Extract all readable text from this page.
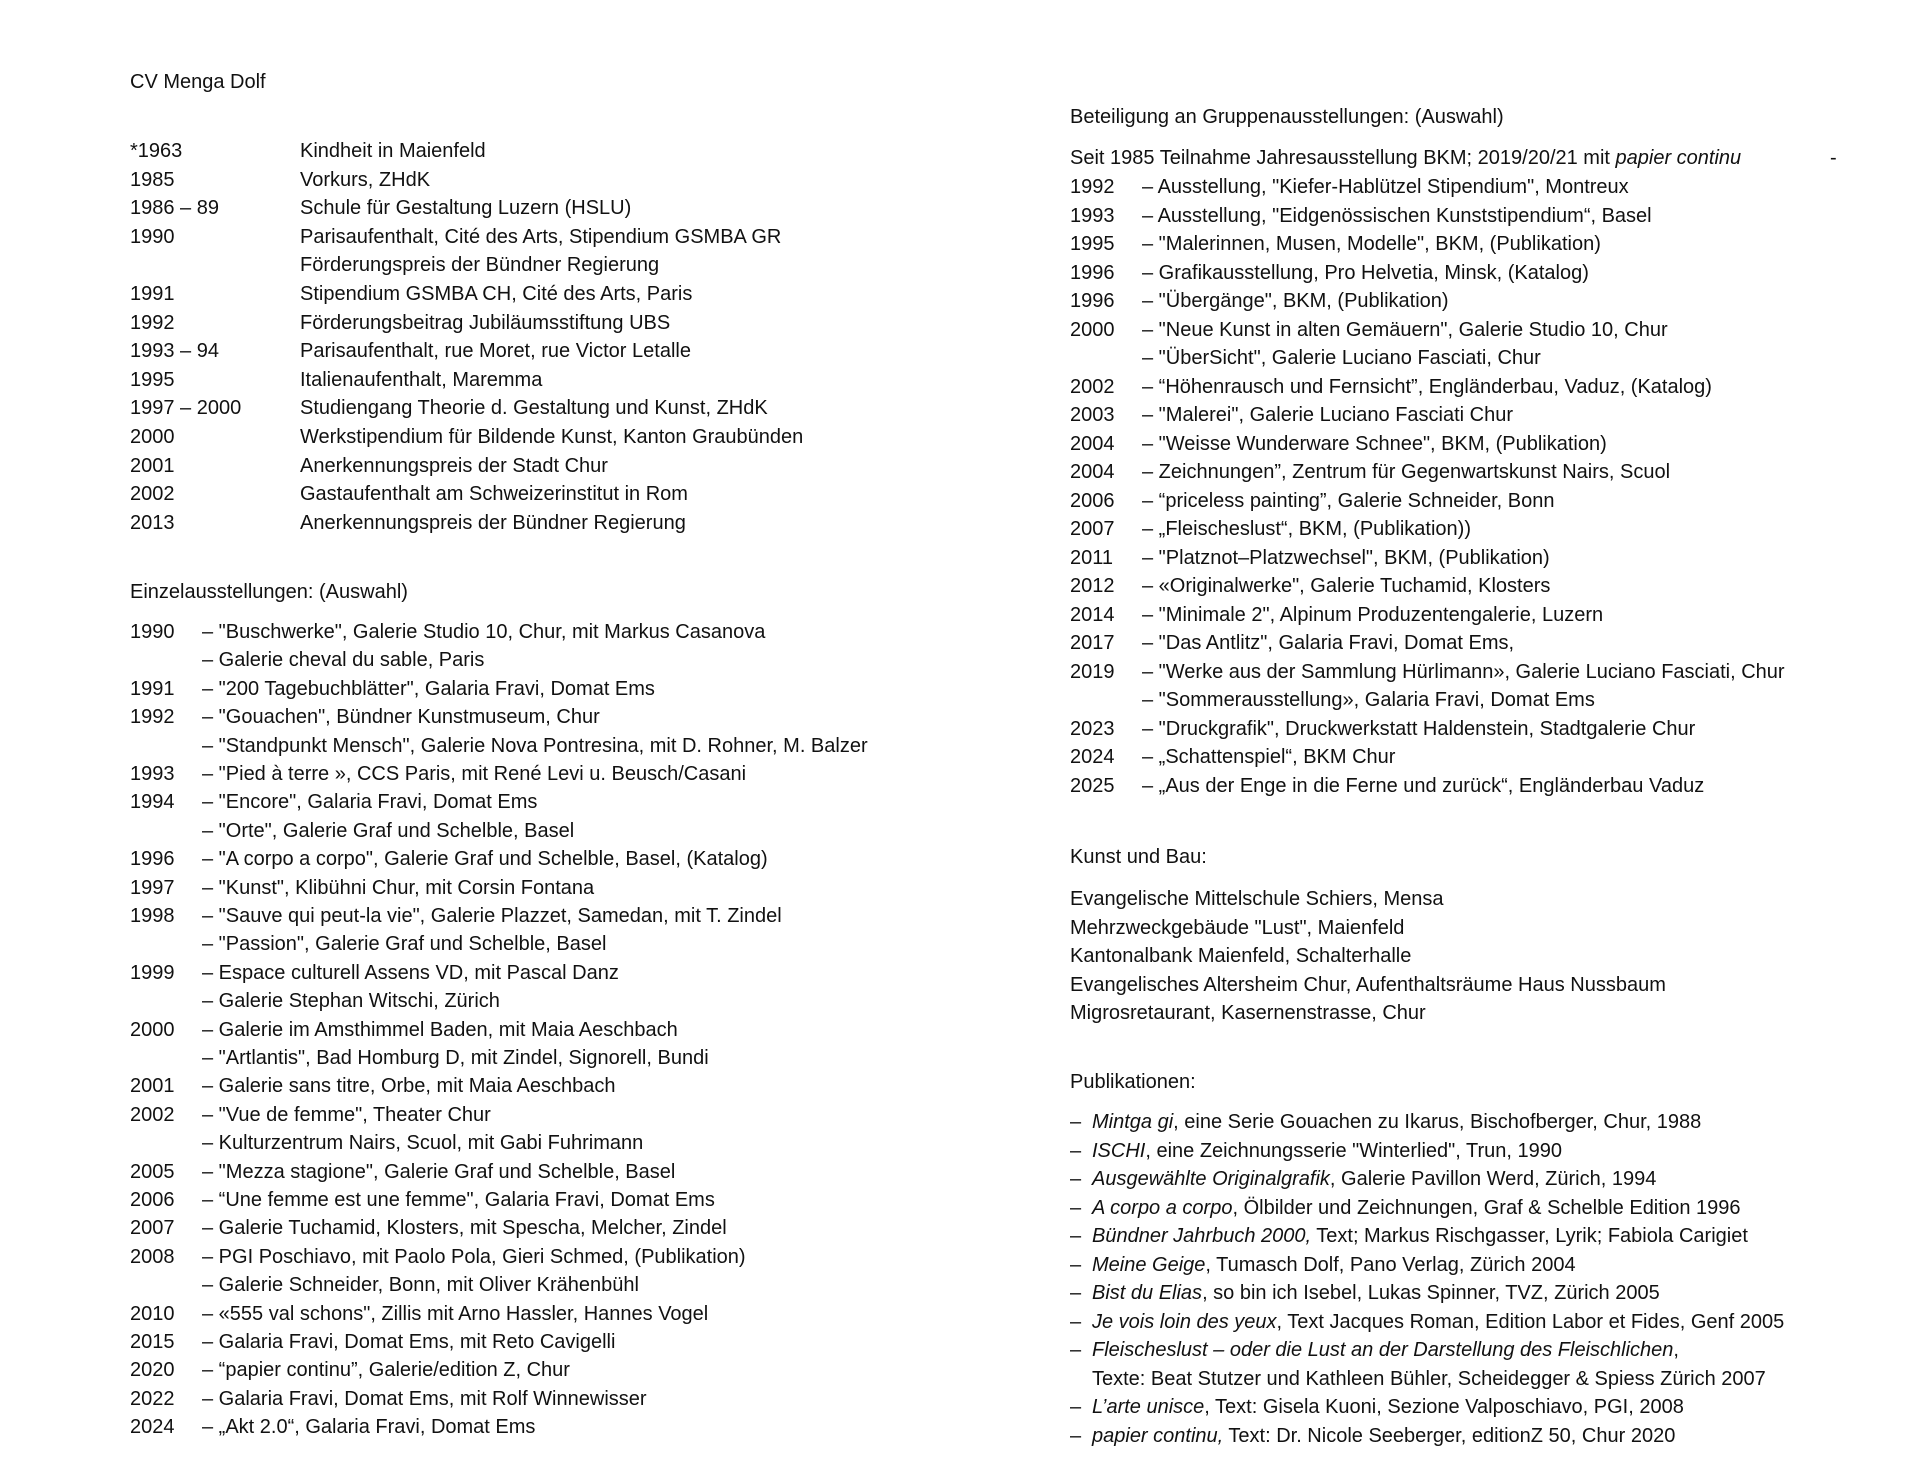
CV Menga Dolf
*1963	Kindheit in Maienfeld
1985	Vorkurs, ZHdK
1986 – 89	Schule für Gestaltung Luzern (HSLU)
1990	Parisaufenthalt, Cité des Arts, Stipendium GSMBA GR
Förderungspreis der Bündner Regierung
1991	Stipendium GSMBA CH, Cité des Arts, Paris
1992	Förderungsbeitrag Jubiläumsstiftung UBS
1993 – 94	Parisaufenthalt, rue Moret, rue Victor Letalle
1995	Italienaufenthalt, Maremma
1997 – 2000	Studiengang Theorie d. Gestaltung und Kunst, ZHdK
2000	Werkstipendium für Bildende Kunst, Kanton Graubünden
2001	Anerkennungspreis der Stadt Chur
2002	Gastaufenthalt am Schweizerinstitut in Rom
2013	Anerkennungspreis der Bündner Regierung
Einzelausstellungen: (Auswahl)
1990 – "Buschwerke", Galerie Studio 10, Chur, mit Markus Casanova
– Galerie cheval du sable, Paris
1991 – "200 Tagebuchblätter", Galaria Fravi, Domat Ems
1992 – "Gouachen", Bündner Kunstmuseum, Chur
– "Standpunkt Mensch", Galerie Nova Pontresina, mit D. Rohner, M. Balzer
1993 – "Pied à terre », CCS Paris, mit René Levi u. Beusch/Casani
1994 – "Encore", Galaria Fravi, Domat Ems
– "Orte", Galerie Graf und Schelble, Basel
1996 – "A corpo a corpo", Galerie Graf und Schelble, Basel, (Katalog)
1997 – "Kunst", Klibühni Chur, mit Corsin Fontana
1998 – "Sauve qui peut-la vie", Galerie Plazzet, Samedan, mit T. Zindel
– "Passion", Galerie Graf und Schelble, Basel
1999 – Espace culturell Assens VD, mit Pascal Danz
– Galerie Stephan Witschi, Zürich
2000 – Galerie im Amsthimmel Baden, mit Maia Aeschbach
– "Artlantis", Bad Homburg D, mit Zindel, Signorell, Bundi
2001 – Galerie sans titre, Orbe, mit Maia Aeschbach
2002 – "Vue de femme", Theater Chur
– Kulturzentrum Nairs, Scuol, mit Gabi Fuhrimann
2005 – "Mezza stagione", Galerie Graf und Schelble, Basel
2006 – “Une femme est une femme", Galaria Fravi, Domat Ems
2007 – Galerie Tuchamid, Klosters, mit Spescha, Melcher, Zindel
2008 – PGI Poschiavo, mit Paolo Pola, Gieri Schmed, (Publikation)
– Galerie Schneider, Bonn, mit Oliver Krähenbühl
2010 – «555 val schons", Zillis mit Arno Hassler, Hannes Vogel
2015 – Galaria Fravi, Domat Ems, mit Reto Cavigelli
2020 – “papier continu”, Galerie/edition Z, Chur
2022 – Galaria Fravi, Domat Ems, mit Rolf Winnewisser
2024 – „Akt 2.0“, Galaria Fravi, Domat Ems
Beteiligung an Gruppenausstellungen: (Auswahl)
Seit 1985 Teilnahme Jahresausstellung BKM; 2019/20/21 mit papier continu	-
1992 – Ausstellung, "Kiefer-Hablützel Stipendium", Montreux
1993 – Ausstellung, "Eidgenössischen Kunststipendium“, Basel
1995 – "Malerinnen, Musen, Modelle", BKM, (Publikation)
1996 – Grafikausstellung, Pro Helvetia, Minsk, (Katalog)
1996 – "Übergänge", BKM, (Publikation)
2000 – "Neue Kunst in alten Gemäuern", Galerie Studio 10, Chur
– "ÜberSicht", Galerie Luciano Fasciati, Chur
2002 – “Höhenrausch und Fernsicht”, Engländerbau, Vaduz, (Katalog)
2003 – "Malerei", Galerie Luciano Fasciati Chur
2004 – "Weisse Wunderware Schnee", BKM, (Publikation)
2004 – Zeichnungen”, Zentrum für Gegenwartskunst Nairs, Scuol
2006 – “priceless painting”, Galerie Schneider, Bonn
2007 – „Fleischeslust“, BKM, (Publikation))
2011 – "Platznot–Platzwechsel", BKM, (Publikation)
2012 – «Originalwerke", Galerie Tuchamid, Klosters
2014 – "Minimale 2", Alpinum Produzentengalerie, Luzern
2017 – "Das Antlitz", Galaria Fravi, Domat Ems,
2019 – "Werke aus der Sammlung Hürlimann», Galerie Luciano Fasciati, Chur
– "Sommerausstellung», Galaria Fravi, Domat Ems
2023 – "Druckgrafik", Druckwerkstatt Haldenstein, Stadtgalerie Chur
2024 – „Schattenspiel“, BKM Chur
2025 – „Aus der Enge in die Ferne und zurück“, Engländerbau Vaduz
Kunst und Bau:
Evangelische Mittelschule Schiers, Mensa
Mehrzweckgebäude "Lust", Maienfeld
Kantonalbank Maienfeld, Schalterhalle
Evangelisches Altersheim Chur, Aufenthaltsräume Haus Nussbaum
Migrosretaurant, Kasernenstrasse, Chur
Publikationen:
– Mintga gi, eine Serie Gouachen zu Ikarus, Bischofberger, Chur, 1988
– ISCHI, eine Zeichnungsserie "Winterlied", Trun, 1990
– Ausgewählte Originalgrafik, Galerie Pavillon Werd, Zürich, 1994
– A corpo a corpo, Ölbilder und Zeichnungen, Graf & Schelble Edition 1996
– Bündner Jahrbuch 2000, Text; Markus Rischgasser, Lyrik; Fabiola Carigiet
– Meine Geige, Tumasch Dolf, Pano Verlag, Zürich 2004
– Bist du Elias, so bin ich Isebel, Lukas Spinner, TVZ, Zürich 2005
– Je vois loin des yeux, Text Jacques Roman, Edition Labor et Fides, Genf 2005
– Fleischeslust – oder die Lust an der Darstellung des Fleischlichen,
Texte: Beat Stutzer und Kathleen Bühler, Scheidegger & Spiess Zürich 2007
– L’arte unisce, Text: Gisela Kuoni, Sezione Valposchiavo, PGI, 2008
– papier continu, Text: Dr. Nicole Seeberger, editionZ 50, Chur 2020
